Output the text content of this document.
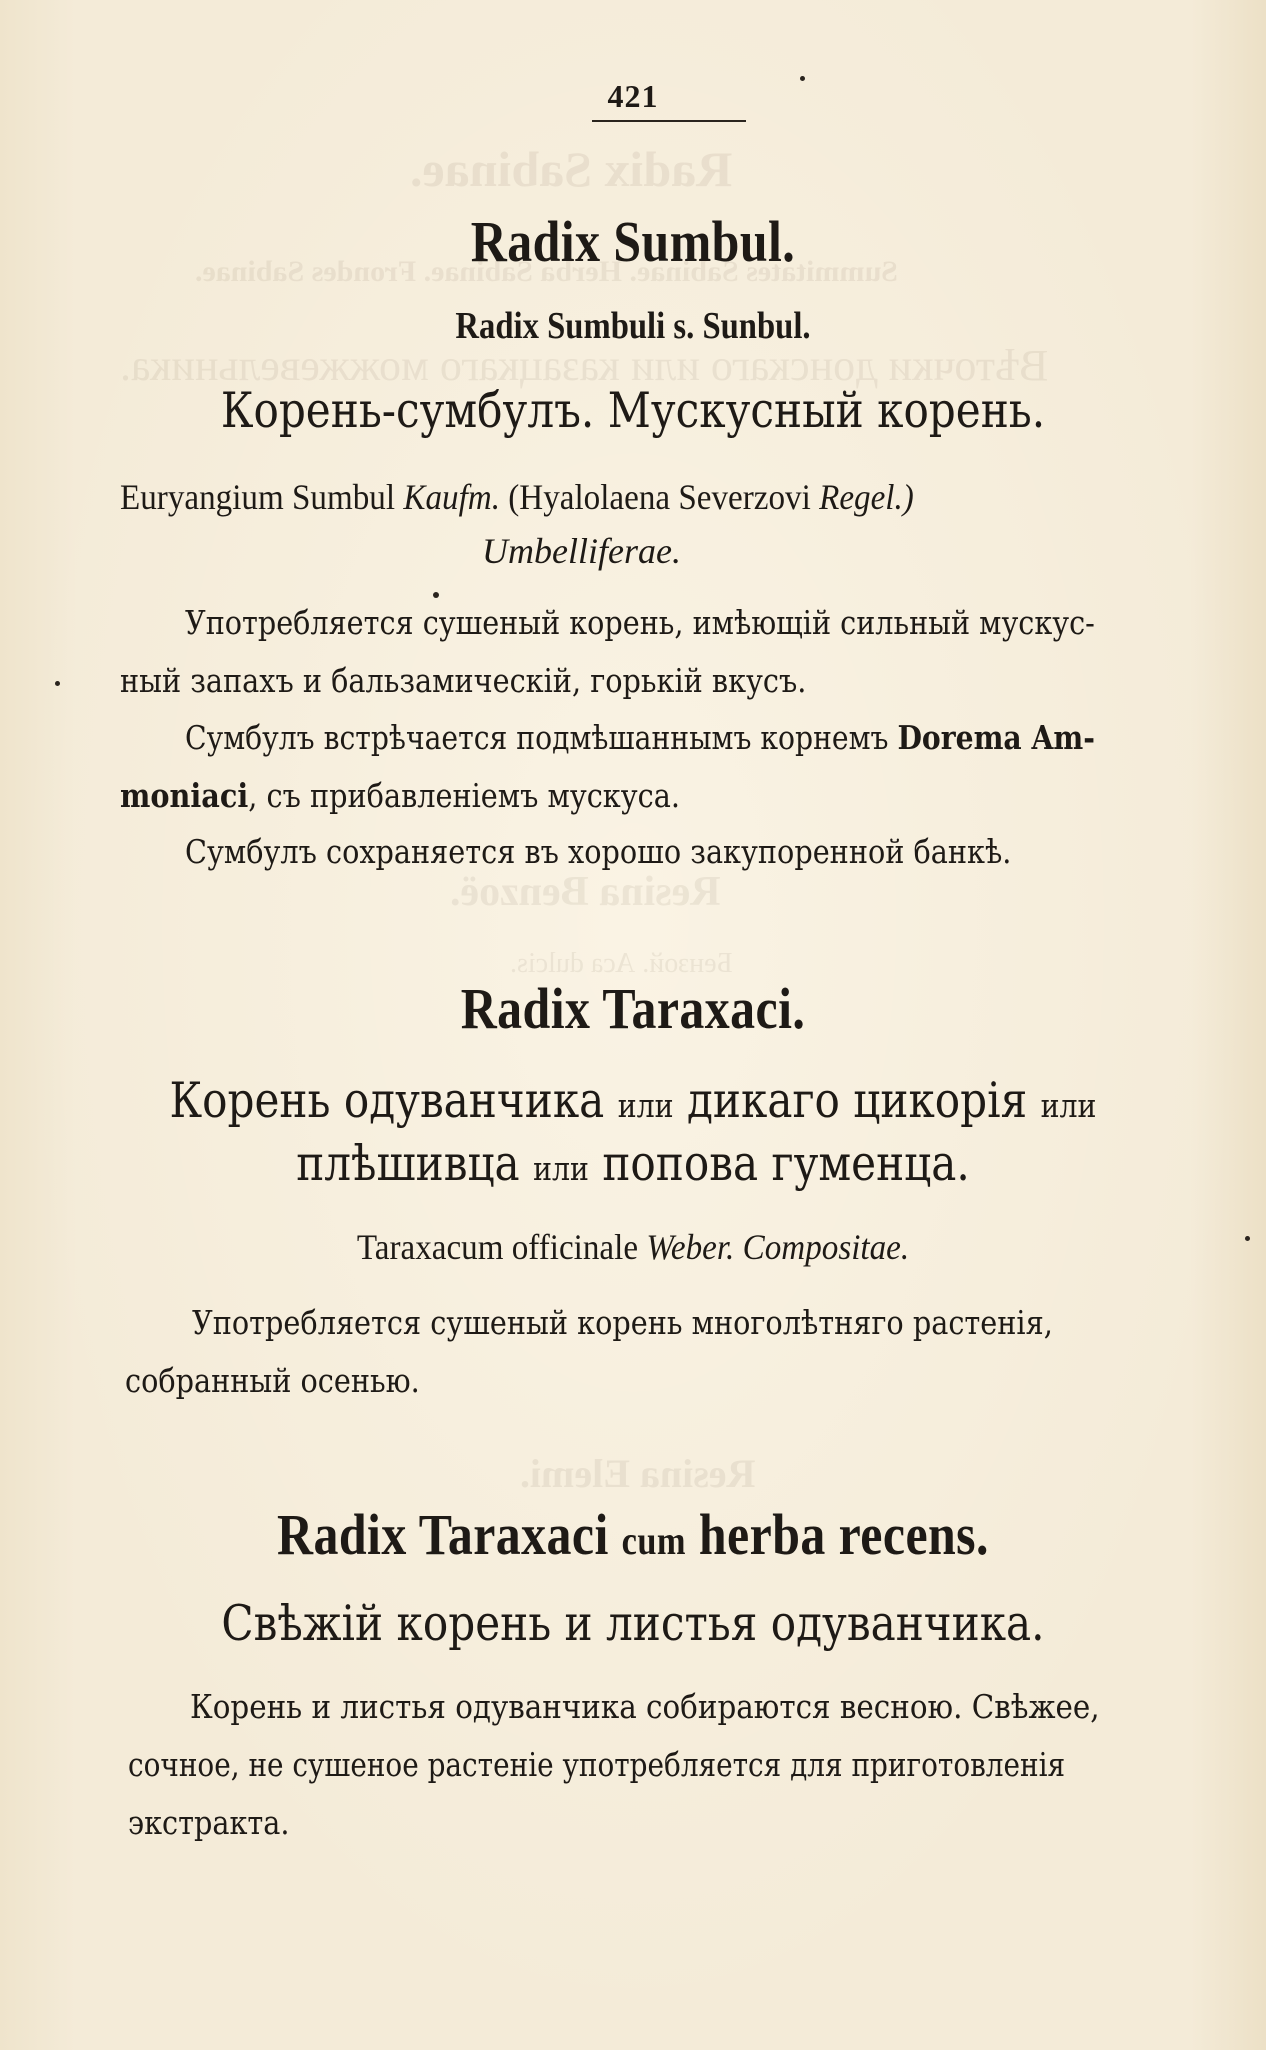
Radix Sabinae.
Summitates Sabinae. Herba Sabinae. Frondes Sabinae.
Вѣточки донскаго или казацкаго можжевельника.
Resina Benzoë.
Бензой. Асa dulcis.
Resina Elemi.
421
Radix Sumbul.
Radix Sumbuli s. Sunbul.
Корень-сумбулъ. Мускусный корень.
Euryangium Sumbul Kaufm. (Hyalolaena Severzovi Regel.)
Umbelliferae.
Употребляется сушеный корень, имѣющій сильный мускус-
ный запахъ и бальзамическій, горькій вкусъ.
Сумбулъ встрѣчается подмѣшаннымъ корнемъ Dorema Am-
moniaci, съ прибавленіемъ мускуса.
Сумбулъ сохраняется въ хорошо закупоренной банкѣ.
Radix Taraxaci.
Корень одуванчика или дикаго цикорія или
плѣшивца или попова гуменца.
Taraxacum officinale Weber. Compositae.
Употребляется сушеный корень многолѣтняго растенія,
собранный осенью.
Radix Taraxaci cum herba recens.
Свѣжій корень и листья одуванчика.
Корень и листья одуванчика собираются весною. Свѣжее,
сочное, не сушеное растеніе употребляется для приготовленія
экстракта.
